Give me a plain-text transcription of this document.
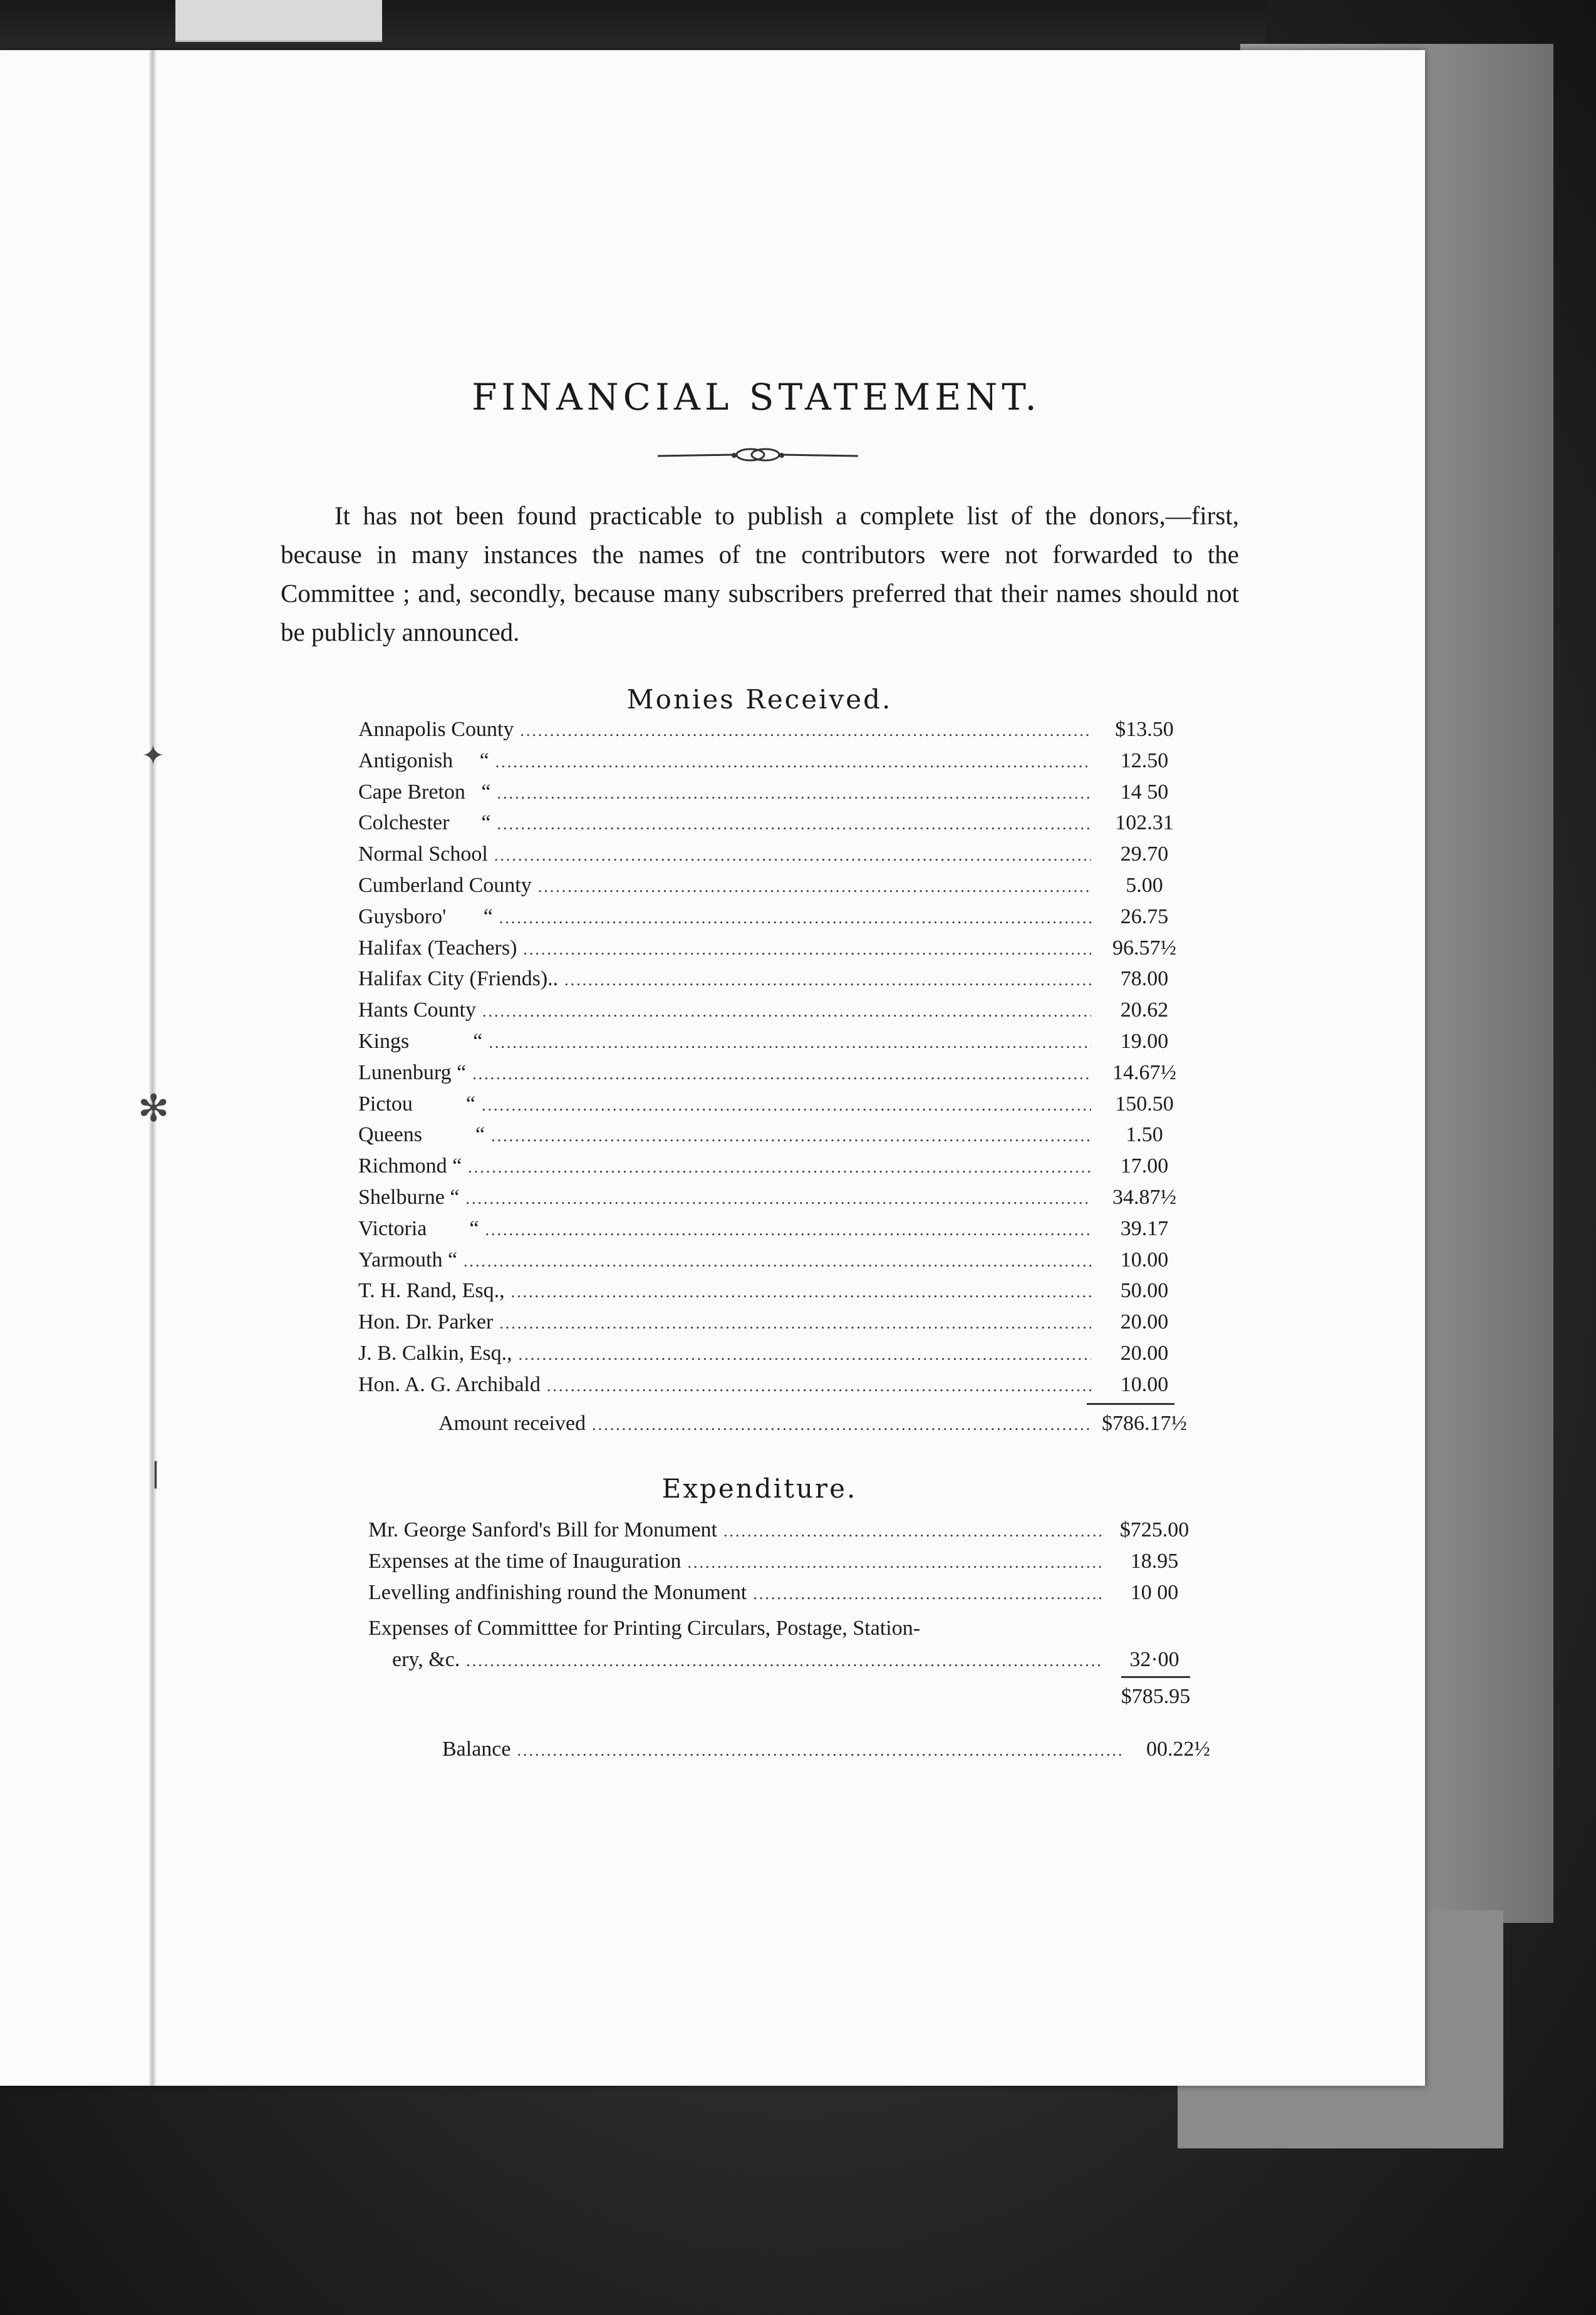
✦
✻
❘
FINANCIAL STATEMENT.
It has not been found practicable to publish a complete list of the donors,—first, because in many instances the names of tne contributors were not forwarded to the Committee ; and, secondly, because many subscribers preferred that their names should not be publicly announced.
Monies Received.
Annapolis County .....	$13.50
Antigonish     “ .....	12.50
Cape Breton   “ .....	14 50
Colchester      “ .....	102.31
Normal School .....	29.70
Cumberland County .....	5.00
Guysboro'       “ .....	26.75
Halifax (Teachers) .....	96.57½
Halifax City (Friends).. .....	78.00
Hants County .....	20.62
Kings            “ .....	19.00
Lunenburg “ .....	14.67½
Pictou          “ .....	150.50
Queens          “ .....	1.50
Richmond “ .....	17.00
Shelburne “ .....	34.87½
Victoria        “ .....	39.17
Yarmouth “ .....	10.00
T. H. Rand, Esq., .....	50.00
Hon. Dr. Parker .....	20.00
J. B. Calkin, Esq., .....	20.00
Hon. A. G. Archibald .....	10.00
Amount received .....	$786.17½
Expenditure.
Mr. George Sanford's Bill for Monument .....	$725.00
Expenses at the time of Inauguration .....	18.95
Levelling andfinishing round the Monument .....	10 00
Expenses of Committtee for Printing Circulars, Postage, Station-
ery, &c. .....	32·00
$785.95
Balance .....	00.22½
